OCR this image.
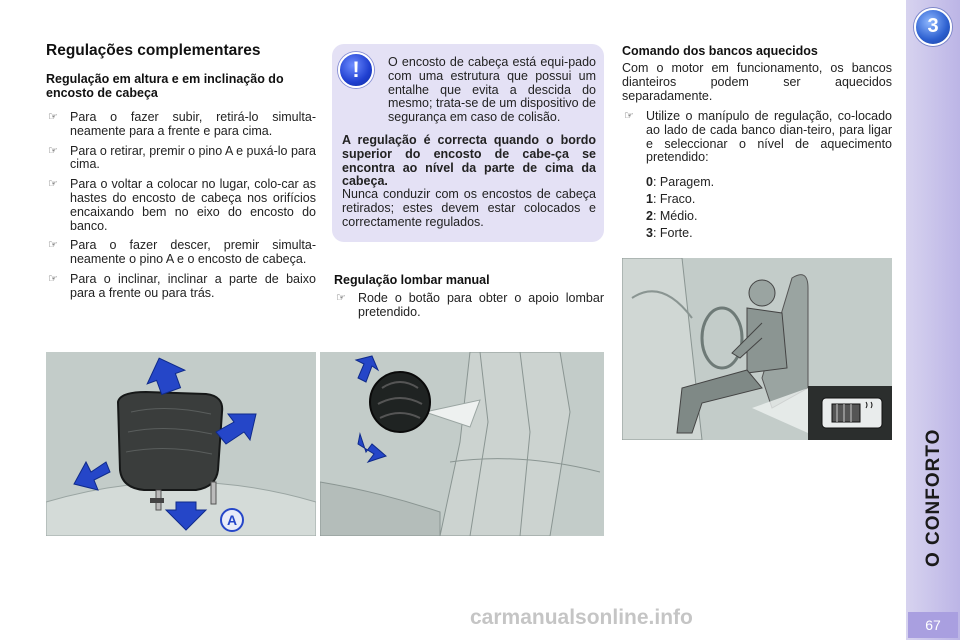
3
O CONFORTO
67
Regulações complementares
Regulação em altura e em inclinação do encosto de cabeça
☞ Para o fazer subir, retirá-lo simulta-neamente para a frente e para cima.
☞ Para o retirar, premir o pino A e puxá-lo para cima.
☞ Para o voltar a colocar no lugar, colo-car as hastes do encosto de cabeça nos orifícios encaixando bem no eixo do encosto do banco.
☞ Para o fazer descer, premir simulta-neamente o pino A e o encosto de cabeça.
☞ Para o inclinar, inclinar a parte de baixo para a frente ou para trás.
A
!	O encosto de cabeça está equi-pado com uma estrutura que possui um entalhe que evita a descida do mesmo; trata-se de um dispositivo de segurança em caso de colisão.
A regulação é correcta quando o bordo superior do encosto de cabe-ça se encontra ao nível da parte de cima da cabeça.
Nunca conduzir com os encostos de cabeça retirados; estes devem estar colocados e correctamente regulados.
Regulação lombar manual
☞ Rode o botão para obter o apoio lombar pretendido.
Comando dos bancos aquecidos
Com o motor em funcionamento, os bancos dianteiros podem ser aquecidos separadamente.
☞ Utilize o manípulo de regulação, co-locado ao lado de cada banco dian-teiro, para ligar e seleccionar o nível de aquecimento pretendido:
0: Paragem.
1: Fraco.
2: Médio.
3: Forte.
carmanualsonline.info
